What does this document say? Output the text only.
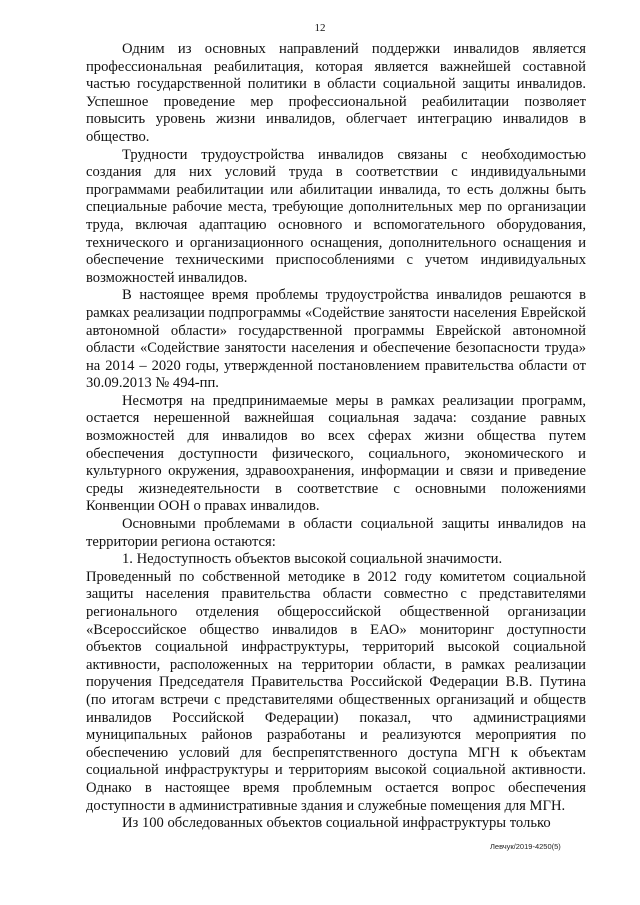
12

Одним из основных направлений поддержки инвалидов является профессиональная реабилитация, которая является важнейшей составной частью государственной политики в области социальной защиты инвалидов. Успешное проведение мер профессиональной реабилитации позволяет повысить уровень жизни инвалидов, облегчает интеграцию инвалидов в общество.

Трудности трудоустройства инвалидов связаны с необходимостью создания для них условий труда в соответствии с индивидуальными программами реабилитации или абилитации инвалида, то есть должны быть специальные рабочие места, требующие дополнительных мер по организации труда, включая адаптацию основного и вспомогательного оборудования, технического и организационного оснащения, дополнительного оснащения и обеспечение техническими приспособлениями с учетом индивидуальных возможностей инвалидов.

В настоящее время проблемы трудоустройства инвалидов решаются в рамках реализации подпрограммы «Содействие занятости населения Еврейской автономной области» государственной программы Еврейской автономной области «Содействие занятости населения и обеспечение безопасности труда» на 2014 – 2020 годы, утвержденной постановлением правительства области от 30.09.2013 № 494-пп.

Несмотря на предпринимаемые меры в рамках реализации программ, остается нерешенной важнейшая социальная задача: создание равных возможностей для инвалидов во всех сферах жизни общества путем обеспечения доступности физического, социального, экономического и культурного окружения, здравоохранения, информации и связи и приведение среды жизнедеятельности в соответствие с основными положениями Конвенции ООН о правах инвалидов.

Основными проблемами в области социальной защиты инвалидов на территории региона остаются:

1. Недоступность объектов высокой социальной значимости.

Проведенный по собственной методике в 2012 году комитетом социальной защиты населения правительства области совместно с представителями регионального отделения общероссийской общественной организации «Всероссийское общество инвалидов в ЕАО» мониторинг доступности объектов социальной инфраструктуры, территорий высокой социальной активности, расположенных на территории области, в рамках реализации поручения Председателя Правительства Российской Федерации В.В. Путина (по итогам встречи с представителями общественных организаций и обществ инвалидов Российской Федерации) показал, что администрациями муниципальных районов разработаны и реализуются мероприятия по обеспечению условий для беспрепятственного доступа МГН к объектам социальной инфраструктуры и территориям высокой социальной активности. Однако в настоящее время проблемным остается вопрос обеспечения доступности в административные здания и служебные помещения для МГН.

Из 100 обследованных объектов социальной инфраструктуры только

Левчук/2019-4250(5)
